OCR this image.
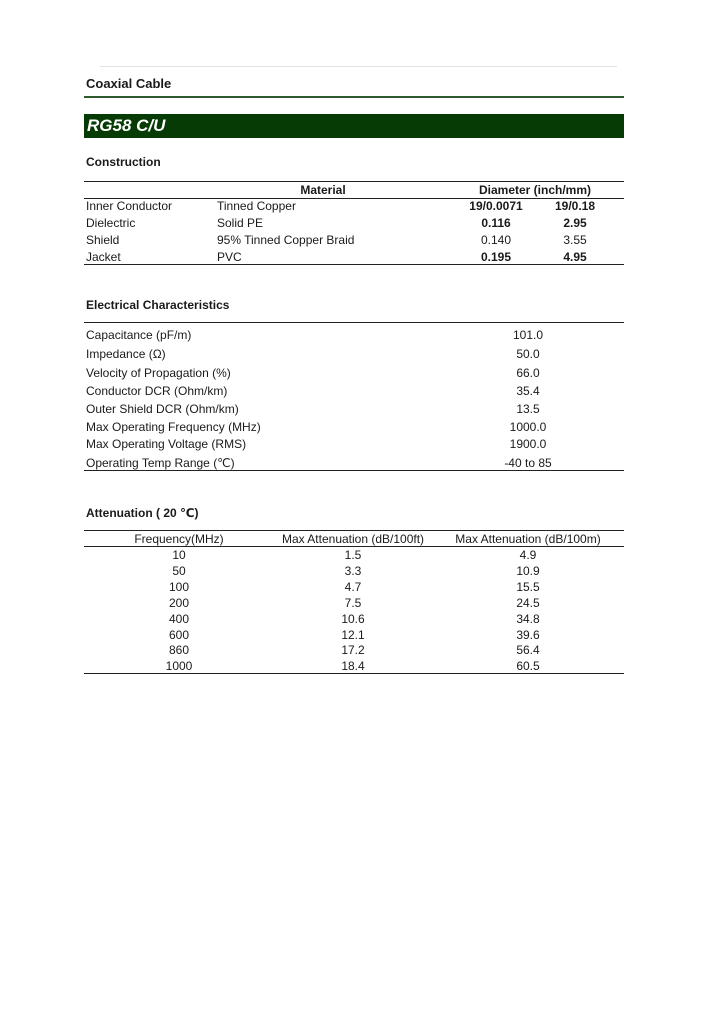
Coaxial Cable
RG58 C/U
Construction
Material	Diameter (inch/mm)
Inner Conductor	Tinned Copper	19/0.0071	19/0.18
Dielectric	Solid PE	0.116	2.95
Shield	95% Tinned Copper Braid	0.140	3.55
Jacket	PVC	0.195	4.95
Electrical Characteristics
Capacitance (pF/m)	101.0
Impedance (Ω)	50.0
Velocity of Propagation (%)	66.0
Conductor DCR (Ohm/km)	35.4
Outer Shield DCR (Ohm/km)	13.5
Max Operating Frequency (MHz)	1000.0
Max Operating Voltage (RMS)	1900.0
Operating Temp Range (℃)	-40 to 85
Attenuation ( 20 ℃)
Frequency(MHz)	Max Attenuation (dB/100ft)	Max Attenuation (dB/100m)
10	1.5	4.9
50	3.3	10.9
100	4.7	15.5
200	7.5	24.5
400	10.6	34.8
600	12.1	39.6
860	17.2	56.4
1000	18.4	60.5
